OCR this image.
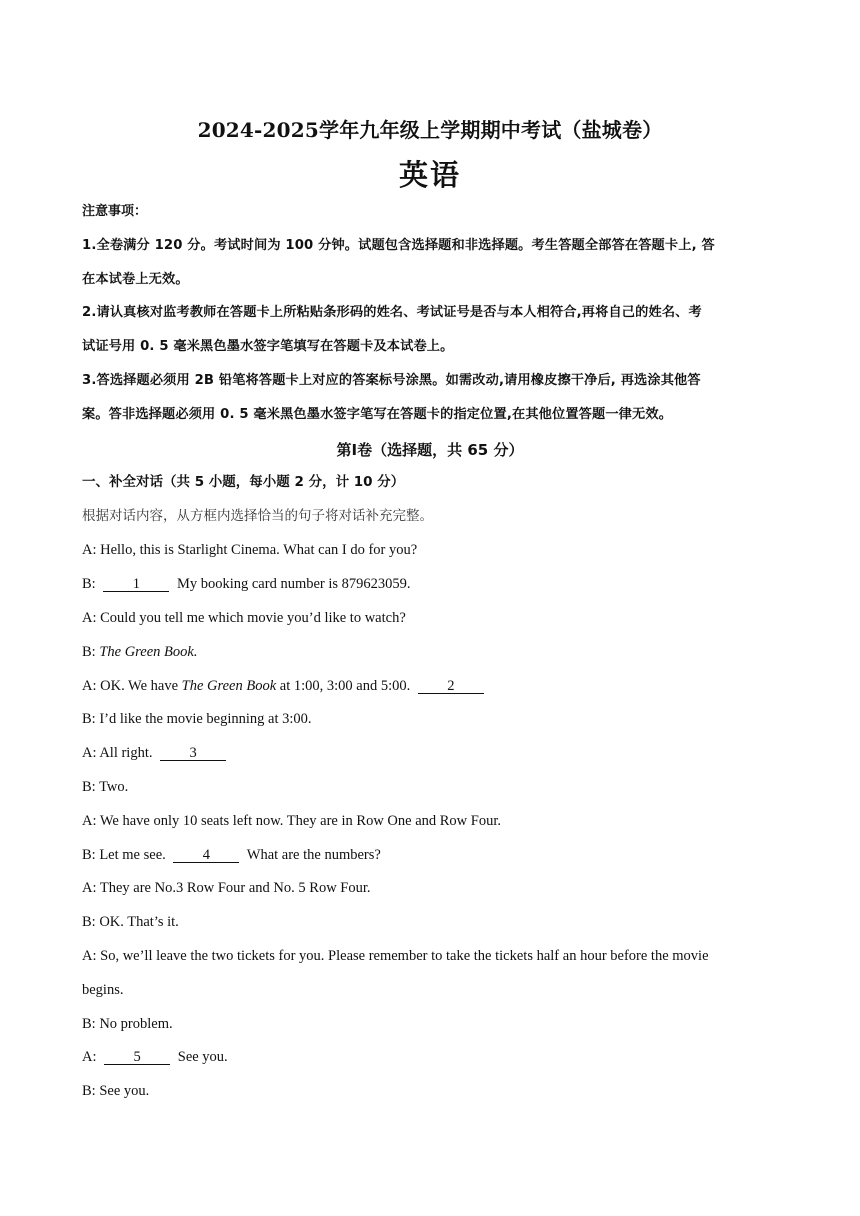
2024-2025学年九年级上学期期中考试（盐城卷）
英语
注意事项：
1.全卷满分 120 分。考试时间为 100 分钟。试题包含选择题和非选择题。考生答题全部答在答题卡上, 答
在本试卷上无效。
2.请认真核对监考教师在答题卡上所粘贴条形码的姓名、考试证号是否与本人相符合,再将自己的姓名、考
试证号用 0. 5 毫米黑色墨水签字笔填写在答题卡及本试卷上。
3.答选择题必须用 2B 铅笔将答题卡上对应的答案标号涂黑。如需改动,请用橡皮擦干净后, 再选涂其他答
案。答非选择题必须用 0. 5 毫米黑色墨水签字笔写在答题卡的指定位置,在其他位置答题一律无效。
第Ⅰ卷（选择题，共 65 分）
一、补全对话（共 5 小题，每小题 2 分，计 10 分）
根据对话内容，从方框内选择恰当的句子将对话补充完整。
A: Hello, this is Starlight Cinema. What can I do for you?
B:	1	My booking card number is 879623059.
A: Could you tell me which movie you’d like to watch?
B: The Green Book.
A: OK. We have The Green Book at 1:00, 3:00 and 5:00.	2
B: I’d like the movie beginning at 3:00.
A: All right.	3
B: Two.
A: We have only 10 seats left now. They are in Row One and Row Four.
B: Let me see.	4	What are the numbers?
A: They are No.3 Row Four and No. 5 Row Four.
B: OK. That’s it.
A: So, we’ll leave the two tickets for you. Please remember to take the tickets half an hour before the movie
begins.
B: No problem.
A:	5	See you.
B: See you.
